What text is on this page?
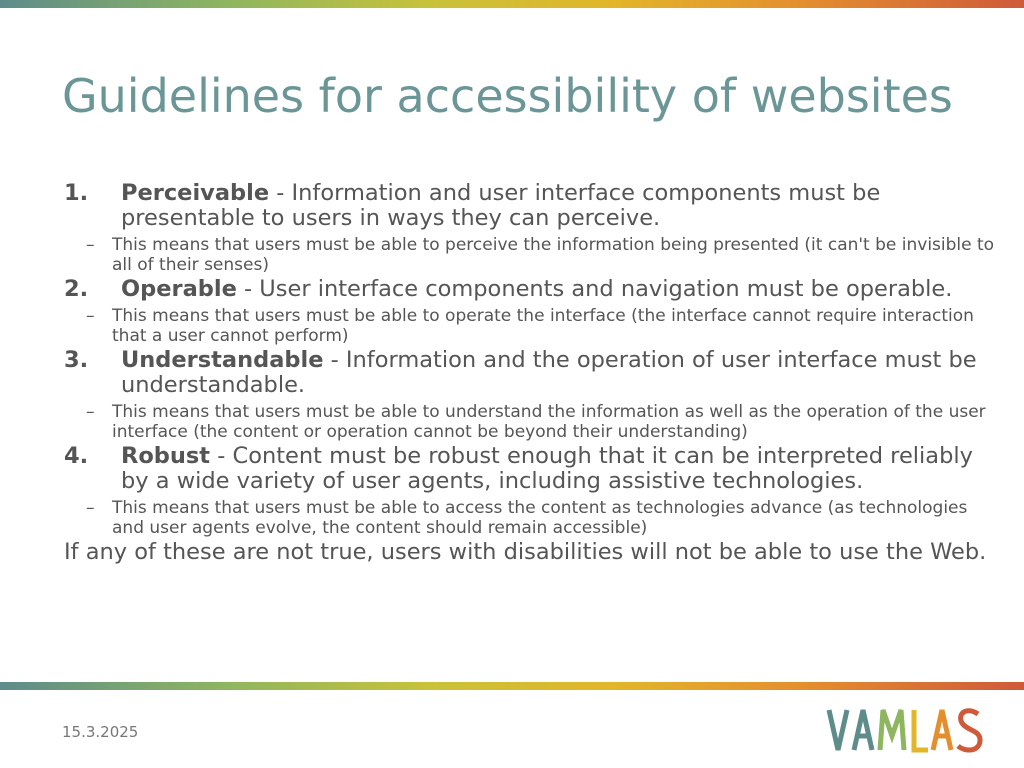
Guidelines for accessibility of websites
1. Perceivable - Information and user interface components must be presentable to users in ways they can perceive.
– This means that users must be able to perceive the information being presented (it can't be invisible to all of their senses)
2. Operable - User interface components and navigation must be operable.
– This means that users must be able to operate the interface (the interface cannot require interaction that a user cannot perform)
3. Understandable - Information and the operation of user interface must be understandable.
– This means that users must be able to understand the information as well as the operation of the user interface (the content or operation cannot be beyond their understanding)
4. Robust - Content must be robust enough that it can be interpreted reliably by a wide variety of user agents, including assistive technologies.
– This means that users must be able to access the content as technologies advance (as technologies and user agents evolve, the content should remain accessible)
If any of these are not true, users with disabilities will not be able to use the Web.
15.3.2025
